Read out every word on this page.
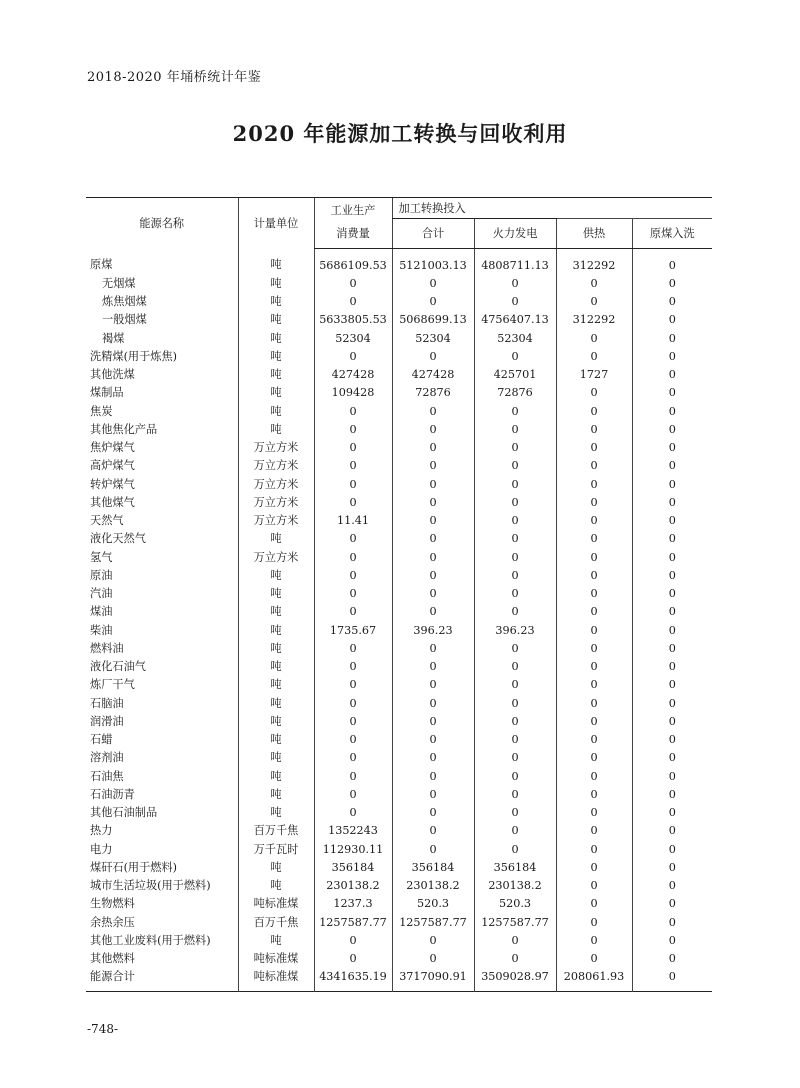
2018-2020 年埇桥统计年鉴
2020 年能源加工转换与回收利用
能源名称	计量单位	工业生产	加工转换投入			
		消费量	合计	火力发电	供热	原煤入洗
原煤	吨	5686109.53	5121003.13	4808711.13	312292	0
无烟煤	吨	0	0	0	0	0
炼焦烟煤	吨	0	0	0	0	0
一般烟煤	吨	5633805.53	5068699.13	4756407.13	312292	0
褐煤	吨	52304	52304	52304	0	0
洗精煤(用于炼焦)	吨	0	0	0	0	0
其他洗煤	吨	427428	427428	425701	1727	0
煤制品	吨	109428	72876	72876	0	0
焦炭	吨	0	0	0	0	0
其他焦化产品	吨	0	0	0	0	0
焦炉煤气	万立方米	0	0	0	0	0
高炉煤气	万立方米	0	0	0	0	0
转炉煤气	万立方米	0	0	0	0	0
其他煤气	万立方米	0	0	0	0	0
天然气	万立方米	11.41	0	0	0	0
液化天然气	吨	0	0	0	0	0
氢气	万立方米	0	0	0	0	0
原油	吨	0	0	0	0	0
汽油	吨	0	0	0	0	0
煤油	吨	0	0	0	0	0
柴油	吨	1735.67	396.23	396.23	0	0
燃料油	吨	0	0	0	0	0
液化石油气	吨	0	0	0	0	0
炼厂干气	吨	0	0	0	0	0
石脑油	吨	0	0	0	0	0
润滑油	吨	0	0	0	0	0
石蜡	吨	0	0	0	0	0
溶剂油	吨	0	0	0	0	0
石油焦	吨	0	0	0	0	0
石油沥青	吨	0	0	0	0	0
其他石油制品	吨	0	0	0	0	0
热力	百万千焦	1352243	0	0	0	0
电力	万千瓦时	112930.11	0	0	0	0
煤矸石(用于燃料)	吨	356184	356184	356184	0	0
城市生活垃圾(用于燃料)	吨	230138.2	230138.2	230138.2	0	0
生物燃料	吨标准煤	1237.3	520.3	520.3	0	0
余热余压	百万千焦	1257587.77	1257587.77	1257587.77	0	0
其他工业废料(用于燃料)	吨	0	0	0	0	0
其他燃料	吨标准煤	0	0	0	0	0
能源合计	吨标准煤	4341635.19	3717090.91	3509028.97	208061.93	0
-748-
